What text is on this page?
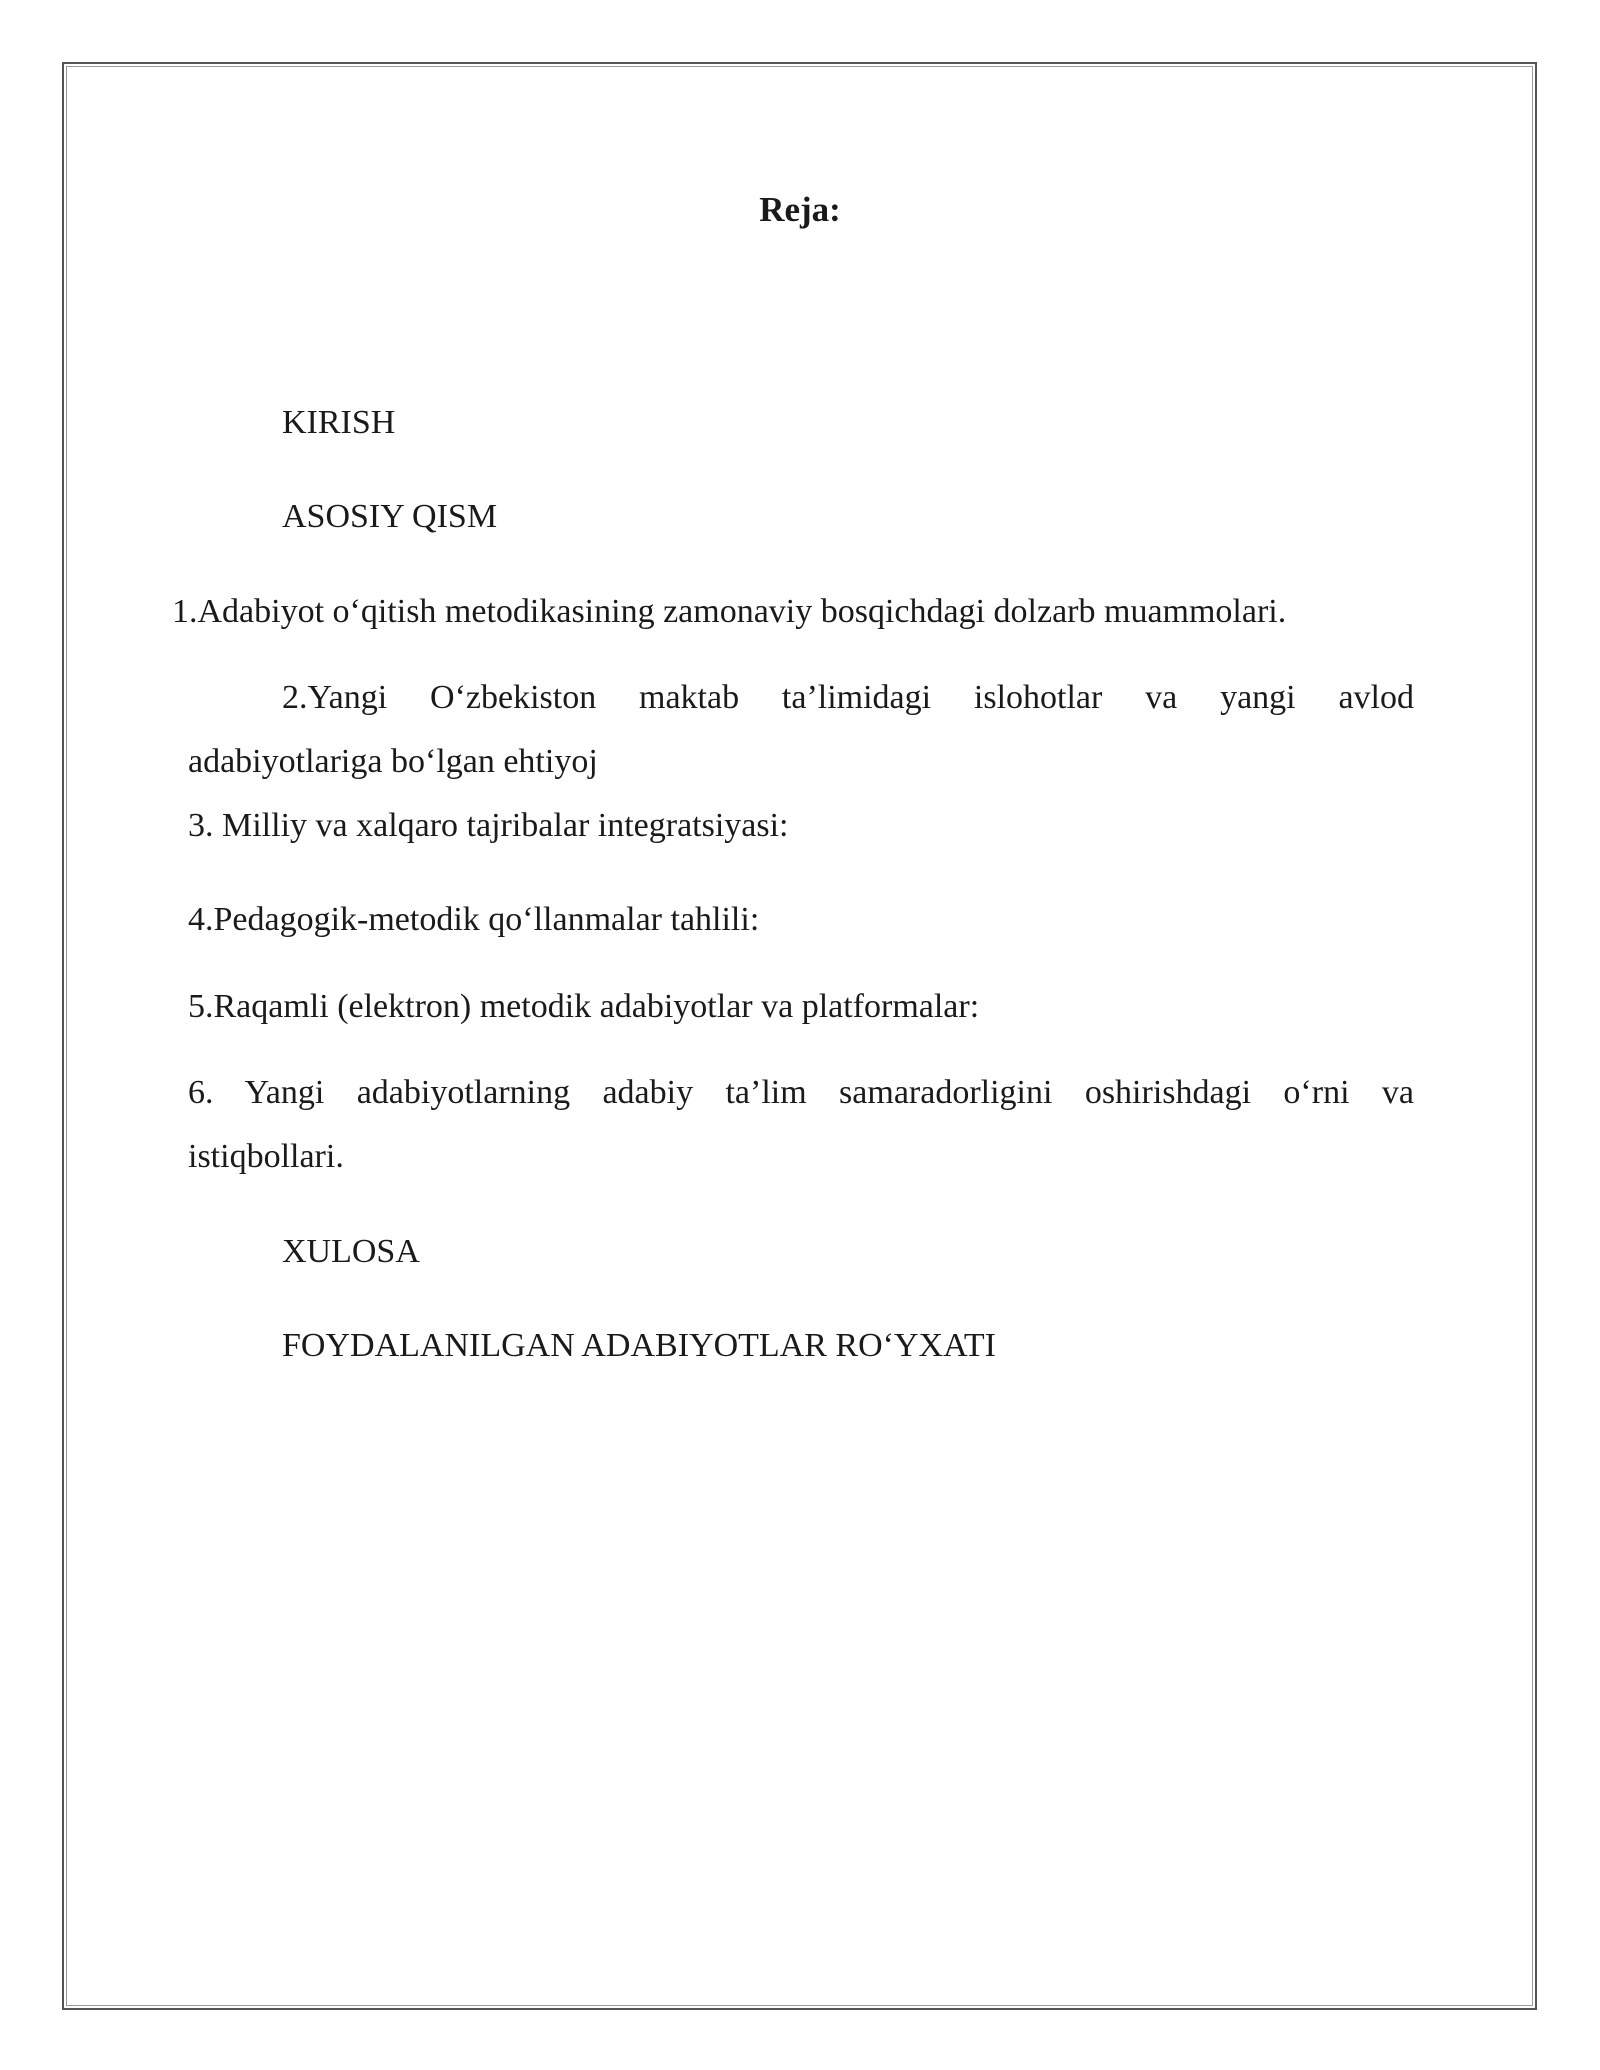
Reja:
KIRISH
ASOSIY QISM
1.Adabiyot o‘qitish metodikasining zamonaviy bosqichdagi dolzarb muammolari.
2.Yangi O‘zbekiston maktab ta’limidagi islohotlar va yangi avlod
adabiyotlariga bo‘lgan ehtiyoj
3. Milliy va xalqaro tajribalar integratsiyasi:
4.Pedagogik-metodik qo‘llanmalar tahlili:
5.Raqamli (elektron) metodik adabiyotlar va platformalar:
6. Yangi adabiyotlarning adabiy ta’lim samaradorligini oshirishdagi o‘rni va
istiqbollari.
XULOSA
FOYDALANILGAN ADABIYOTLAR RO‘YXATI
